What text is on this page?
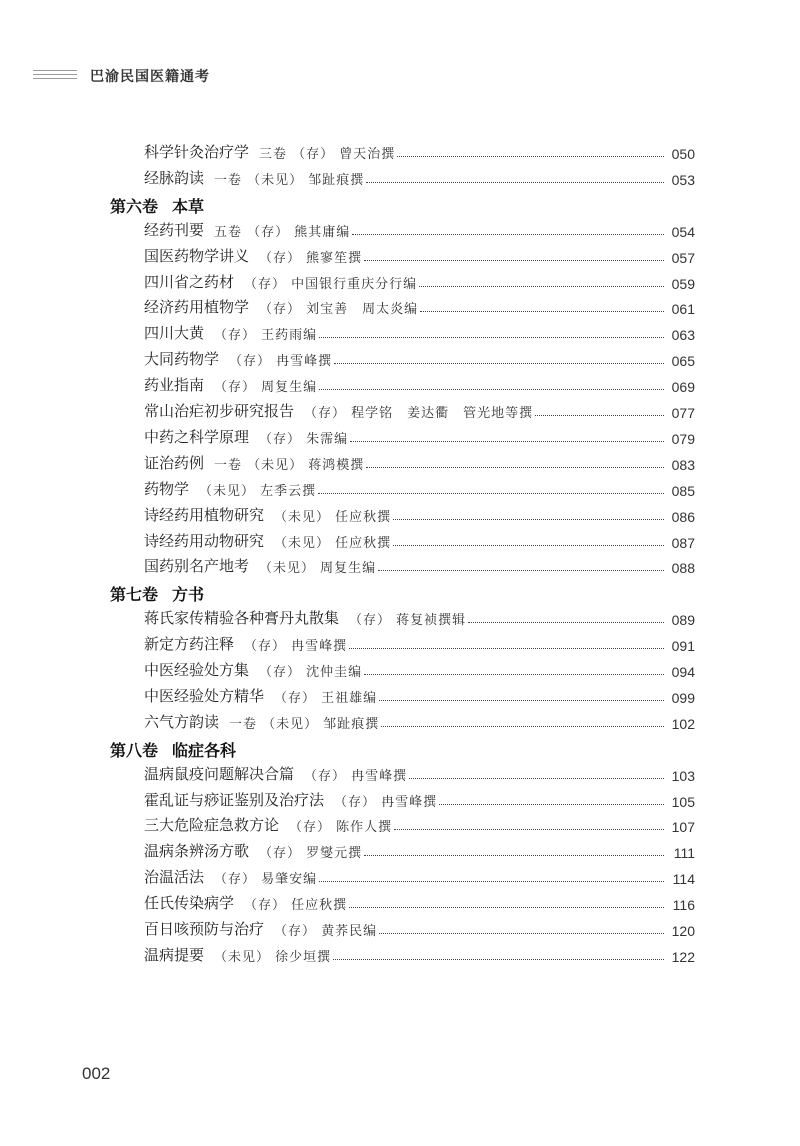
巴渝民国医籍通考
科学针灸治疗学 三卷 （存） 曾天治撰	050
经脉韵读 一卷 （未见） 邹趾痕撰	053
第六卷 本草
经药刊要 五卷 （存） 熊其庸编	054
国医药物学讲义 （存） 熊寥笙撰	057
四川省之药材 （存） 中国银行重庆分行编	059
经济药用植物学 （存） 刘宝善　周太炎编	061
四川大黄 （存） 王药雨编	063
大同药物学 （存） 冉雪峰撰	065
药业指南 （存） 周复生编	069
常山治疟初步研究报告 （存） 程学铭　姜达衢　管光地等撰	077
中药之科学原理 （存） 朱霈编	079
证治药例 一卷 （未见） 蒋鸿模撰	083
药物学 （未见） 左季云撰	085
诗经药用植物研究 （未见） 任应秋撰	086
诗经药用动物研究 （未见） 任应秋撰	087
国药别名产地考 （未见） 周复生编	088
第七卷 方书
蒋氏家传精验各种膏丹丸散集 （存） 蒋复祯撰辑	089
新定方药注释 （存） 冉雪峰撰	091
中医经验处方集 （存） 沈仲圭编	094
中医经验处方精华 （存） 王祖雄编	099
六气方韵读 一卷 （未见） 邹趾痕撰	102
第八卷 临症各科
温病鼠疫问题解决合篇 （存） 冉雪峰撰	103
霍乱证与痧证鉴别及治疗法 （存） 冉雪峰撰	105
三大危险症急救方论 （存） 陈作人撰	107
温病条辨汤方歌 （存） 罗燮元撰	111
治温活法 （存） 易肇安编	114
任氏传染病学 （存） 任应秋撰	116
百日咳预防与治疗 （存） 黄荞民编	120
温病提要 （未见） 徐少垣撰	122
002
